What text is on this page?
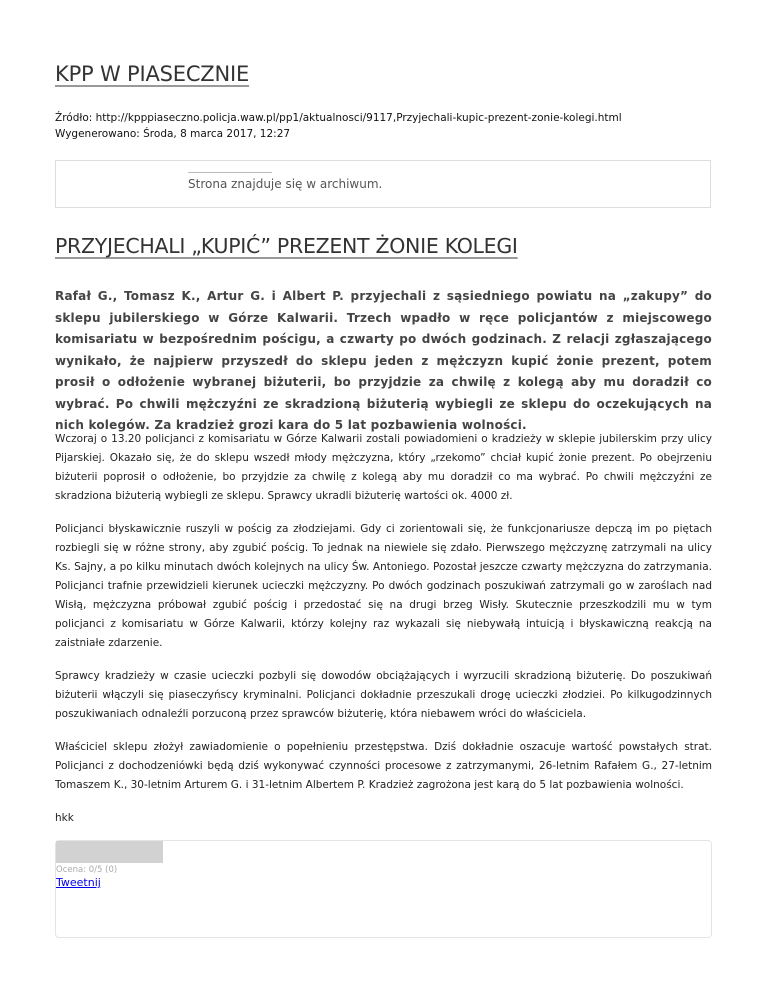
KPP W PIASECZNIE
Źródło: http://kpppiaseczno.policja.waw.pl/pp1/aktualnosci/9117,Przyjechali-kupic-prezent-zonie-kolegi.html
Wygenerowano: Środa, 8 marca 2017, 12:27
Strona znajduje się w archiwum.
PRZYJECHALI „KUPIĆ” PREZENT ŻONIE KOLEGI

Rafał G., Tomasz K., Artur G. i Albert P. przyjechali z sąsiedniego powiatu na „zakupy” do sklepu jubilerskiego w Górze Kalwarii. Trzech wpadło w ręce policjantów z miejscowego komisariatu w bezpośrednim pościgu, a czwarty po dwóch godzinach. Z relacji zgłaszającego wynikało, że najpierw przyszedł do sklepu jeden z mężczyzn kupić żonie prezent, potem prosił o odłożenie wybranej biżuterii, bo przyjdzie za chwilę z kolegą aby mu doradził co wybrać. Po chwili mężczyźni ze skradzioną biżuterią wybiegli ze sklepu do oczekujących na nich kolegów. Za kradzież grozi kara do 5 lat pozbawienia wolności.

Wczoraj o 13.20 policjanci z komisariatu w Górze Kalwarii zostali powiadomieni o kradzieży w sklepie jubilerskim przy ulicy Pijarskiej. Okazało się, że do sklepu wszedł młody mężczyzna, który „rzekomo” chciał kupić żonie prezent. Po obejrzeniu biżuterii poprosił o odłożenie, bo przyjdzie za chwilę z kolegą aby mu doradził co ma wybrać. Po chwili mężczyźni ze skradziona biżuterią wybiegli ze sklepu. Sprawcy ukradli biżuterię wartości ok. 4000 zł.

Policjanci błyskawicznie ruszyli w pościg za złodziejami. Gdy ci zorientowali się, że funkcjonariusze depczą im po piętach rozbiegli się w różne strony, aby zgubić pościg. To jednak na niewiele się zdało. Pierwszego mężczyznę zatrzymali na ulicy Ks. Sajny, a po kilku minutach dwóch kolejnych na ulicy Św. Antoniego. Pozostał jeszcze czwarty mężczyzna do zatrzymania. Policjanci trafnie przewidzieli kierunek ucieczki mężczyzny. Po dwóch godzinach poszukiwań zatrzymali go w zaroślach nad Wisłą, mężczyzna próbował zgubić pościg i przedostać się na drugi brzeg Wisły. Skutecznie przeszkodzili mu w tym policjanci z komisariatu w Górze Kalwarii, którzy kolejny raz wykazali się niebywałą intuicją i błyskawiczną reakcją na zaistniałe zdarzenie.

Sprawcy kradzieży w czasie ucieczki pozbyli się dowodów obciążających i wyrzucili skradzioną biżuterię. Do poszukiwań biżuterii włączyli się piaseczyńscy kryminalni. Policjanci dokładnie przeszukali drogę ucieczki złodziei. Po kilkugodzinnych poszukiwaniach odnaleźli porzuconą przez sprawców biżuterię, która niebawem wróci do właściciela.

Właściciel sklepu złożył zawiadomienie o popełnieniu przestępstwa. Dziś dokładnie oszacuje wartość powstałych strat. Policjanci z dochodzeniówki będą dziś wykonywać czynności procesowe z zatrzymanymi, 26-letnim Rafałem G., 27-letnim Tomaszem K., 30-letnim Arturem G. i 31-letnim Albertem P. Kradzież zagrożona jest karą do 5 lat pozbawienia wolności.

hkk

Ocena: 0/5 (0)
Tweetnij
